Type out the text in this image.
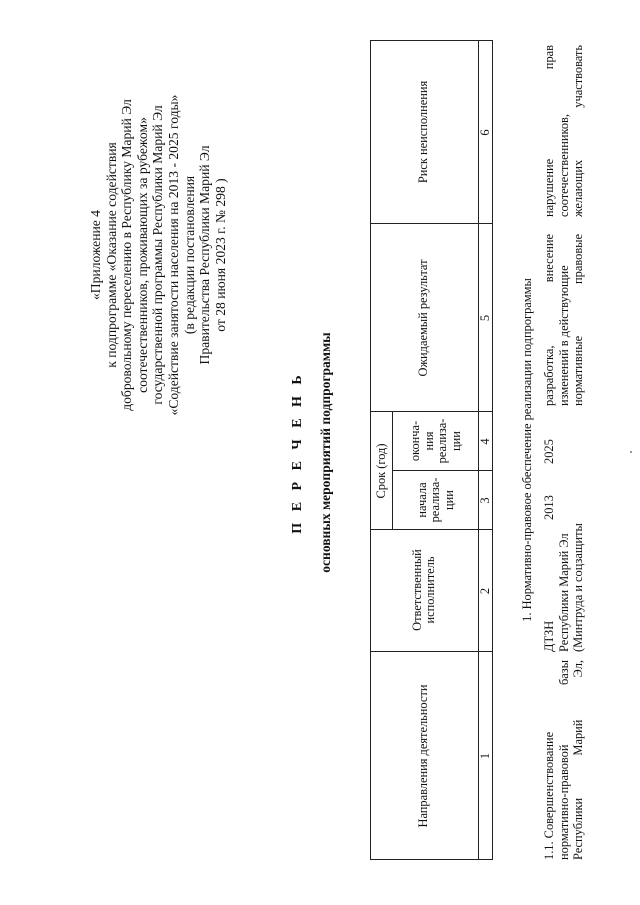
«Приложение 4 к подпрограмме «Оказание содействия добровольному переселению в Республику Марий Эл соотечественников, проживающих за рубежом» государственной программы Республики Марий Эл «Содействие занятости населения на 2013 - 2025 годы» (в редакции постановления Правительства Республики Марий Эл от 28 июня 2023 г. № 298 )
П Е Р Е Ч Е Н Ь основных мероприятий подпрограммы
Направления деятельности
Ответственный исполнитель
Срок (год)
начала реализа- ции
оконча- ния реализа- ции
Ожидаемый результат
Риск неисполнения
1
2
3
4
5
6
1. Нормативно-правовое обеспечение реализации подпрограммы
1.1. Совершенствование нормативно-правовой
базы
Республики
Марий
Эл,
ДТЗН Республики Марий Эл (Минтруда и соцзащиты
2013
2025
разработка,
внесение
изменений в действующие нормативные
правовые
нарушение
прав
соотечественников, желающих
участвовать
